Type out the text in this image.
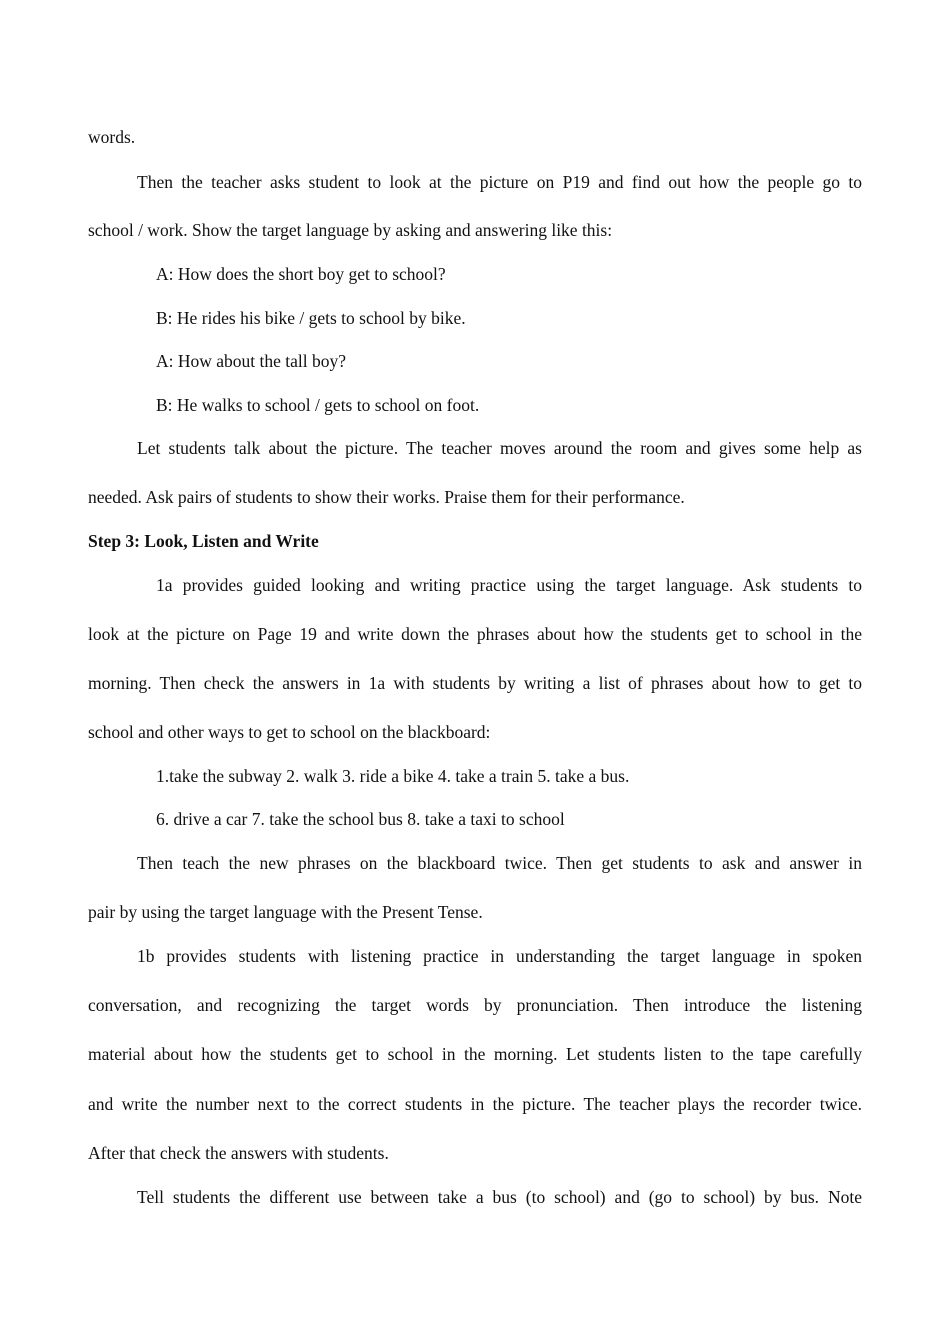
words.
Then the teacher asks student to look at the picture on P19 and find out how the people go to
school / work. Show the target language by asking and answering like this:
A: How does the short boy get to school?
B: He rides his bike / gets to school by bike.
A: How about the tall boy?
B: He walks to school / gets to school on foot.
Let students talk about the picture. The teacher moves around the room and gives some help as
needed. Ask pairs of students to show their works. Praise them for their performance.
Step 3: Look, Listen and Write
1a provides guided looking and writing practice using the target language. Ask students to
look at the picture on Page 19 and write down the phrases about how the students get to school in the
morning. Then check the answers in 1a with students by writing a list of phrases about how to get to
school and other ways to get to school on the blackboard:
1.take the subway 2. walk 3. ride a bike 4. take a train 5. take a bus.
6. drive a car 7. take the school bus 8. take a taxi to school
Then teach the new phrases on the blackboard twice. Then get students to ask and answer in
pair by using the target language with the Present Tense.
1b provides students with listening practice in understanding the target language in spoken
conversation, and recognizing the target words by pronunciation. Then introduce the listening
material about how the students get to school in the morning. Let students listen to the tape carefully
and write the number next to the correct students in the picture. The teacher plays the recorder twice.
After that check the answers with students.
Tell students the different use between take a bus (to school) and (go to school) by bus. Note
